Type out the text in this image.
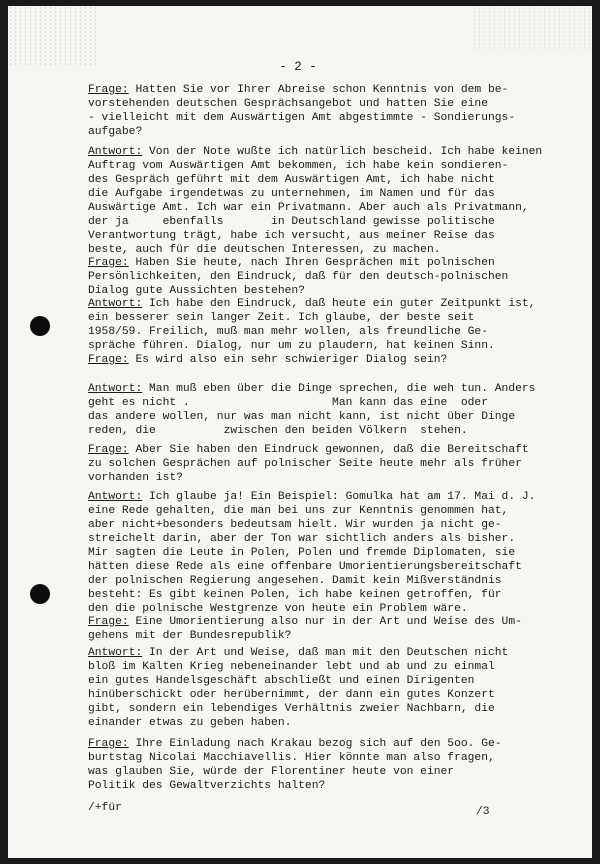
- 2 -
Frage: Hatten Sie vor Ihrer Abreise schon Kenntnis von dem be-
vorstehenden deutschen Gesprächsangebot und hatten Sie eine
- vielleicht mit dem Auswärtigen Amt abgestimmte - Sondierungs-
aufgabe?
Antwort: Von der Note wußte ich natürlich bescheid. Ich habe keinen
Auftrag vom Auswärtigen Amt bekommen, ich habe kein sondieren-
des Gespräch geführt mit dem Auswärtigen Amt, ich habe nicht
die Aufgabe irgendetwas zu unternehmen, im Namen und für das
Auswärtige Amt. Ich war ein Privatmann. Aber auch als Privatmann,
der ja     ebenfalls       in Deutschland gewisse politische
Verantwortung trägt, habe ich versucht, aus meiner Reise das
beste, auch für die deutschen Interessen, zu machen.
Frage: Haben Sie heute, nach Ihren Gesprächen mit polnischen
Persönlichkeiten, den Eindruck, daß für den deutsch-polnischen
Dialog gute Aussichten bestehen?
Antwort: Ich habe den Eindruck, daß heute ein guter Zeitpunkt ist,
ein besserer sein langer Zeit. Ich glaube, der beste seit
1958/59. Freilich, muß man mehr wollen, als freundliche Ge-
spräche führen. Dialog, nur um zu plaudern, hat keinen Sinn.
Frage: Es wird also ein sehr schwieriger Dialog sein?
Antwort: Man muß eben über die Dinge sprechen, die weh tun. Anders
geht es nicht .                     Man kann das eine  oder
das andere wollen, nur was man nicht kann, ist nicht über Dinge
reden, die          zwischen den beiden Völkern  stehen.
Frage: Aber Sie haben den Eindruck gewonnen, daß die Bereitschaft
zu solchen Gesprächen auf polnischer Seite heute mehr als früher
vorhanden ist?
Antwort: Ich glaube ja! Ein Beispiel: Gomulka hat am 17. Mai d. J.
eine Rede gehalten, die man bei uns zur Kenntnis genommen hat,
aber nicht+besonders bedeutsam hielt. Wir wurden ja nicht ge-
streichelt darin, aber der Ton war sichtlich anders als bisher.
Mir sagten die Leute in Polen, Polen und fremde Diplomaten, sie
hätten diese Rede als eine offenbare Umorientierungsbereitschaft
der polnischen Regierung angesehen. Damit kein Mißverständnis
besteht: Es gibt keinen Polen, ich habe keinen getroffen, für
den die polnische Westgrenze von heute ein Problem wäre.
Frage: Eine Umorientierung also nur in der Art und Weise des Um-
gehens mit der Bundesrepublik?
Antwort: In der Art und Weise, daß man mit den Deutschen nicht
bloß im Kalten Krieg nebeneinander lebt und ab und zu einmal
ein gutes Handelsgeschäft abschließt und einen Dirigenten
hinüberschickt oder herübernimmt, der dann ein gutes Konzert
gibt, sondern ein lebendiges Verhältnis zweier Nachbarn, die
einander etwas zu geben haben.
Frage: Ihre Einladung nach Krakau bezog sich auf den 5oo. Ge-
burtstag Nicolai Macchiavellis. Hier könnte man also fragen,
was glauben Sie, würde der Florentiner heute von einer
Politik des Gewaltverzichts halten?
/+für	/3
